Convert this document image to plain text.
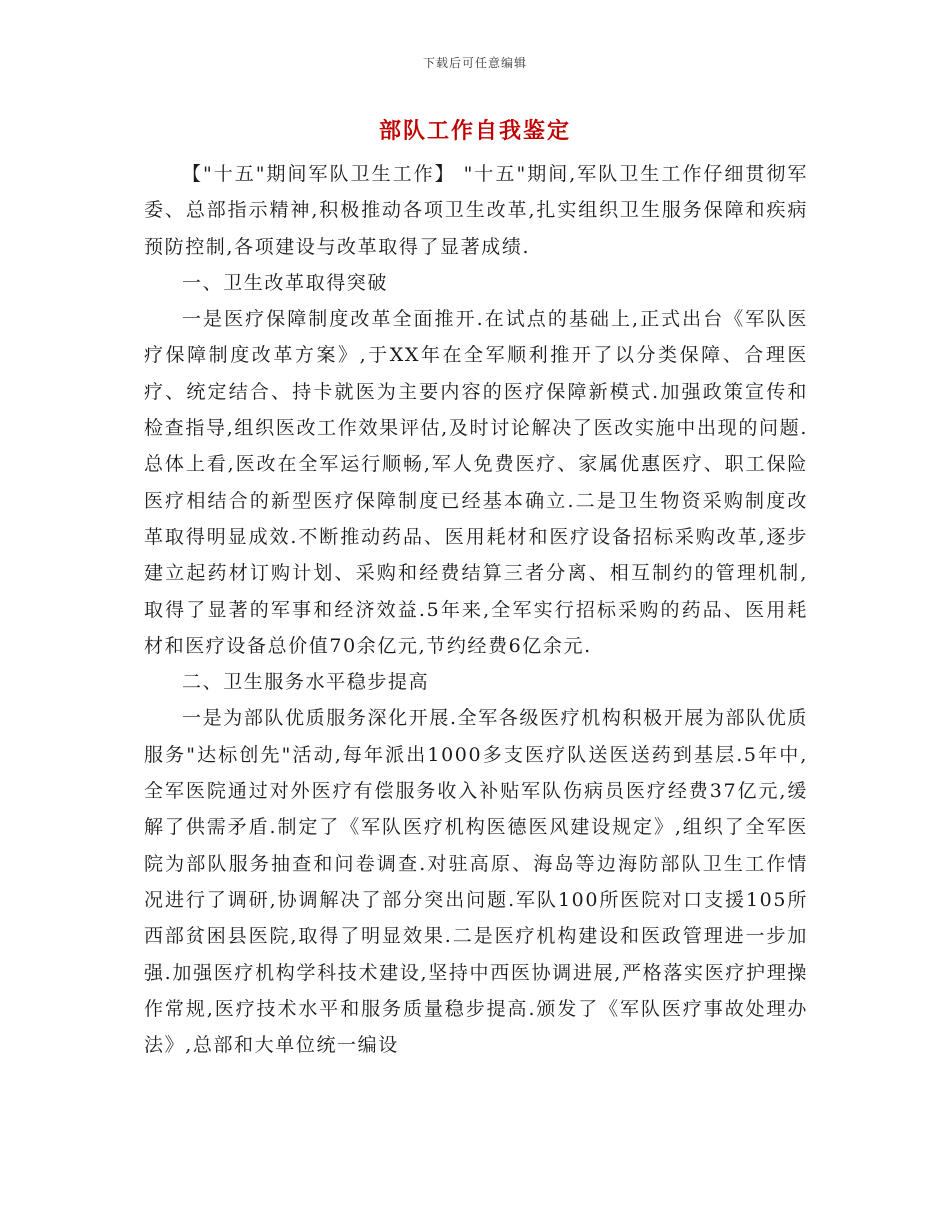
下载后可任意编辑
部队工作自我鉴定

【"十五"期间军队卫生工作】 "十五"期间,军队卫生工作仔细贯彻军委、总部指示精神,积极推动各项卫生改革,扎实组织卫生服务保障和疾病预防控制,各项建设与改革取得了显著成绩.

一、卫生改革取得突破

一是医疗保障制度改革全面推开.在试点的基础上,正式出台《军队医疗保障制度改革方案》,于XX年在全军顺利推开了以分类保障、合理医疗、统定结合、持卡就医为主要内容的医疗保障新模式.加强政策宣传和检查指导,组织医改工作效果评估,及时讨论解决了医改实施中出现的问题.总体上看,医改在全军运行顺畅,军人免费医疗、家属优惠医疗、职工保险医疗相结合的新型医疗保障制度已经基本确立.二是卫生物资采购制度改革取得明显成效.不断推动药品、医用耗材和医疗设备招标采购改革,逐步建立起药材订购计划、采购和经费结算三者分离、相互制约的管理机制,取得了显著的军事和经济效益.5年来,全军实行招标采购的药品、医用耗材和医疗设备总价值70余亿元,节约经费6亿余元.

二、卫生服务水平稳步提高

一是为部队优质服务深化开展.全军各级医疗机构积极开展为部队优质服务"达标创先"活动,每年派出1000多支医疗队送医送药到基层.5年中,全军医院通过对外医疗有偿服务收入补贴军队伤病员医疗经费37亿元,缓解了供需矛盾.制定了《军队医疗机构医德医风建设规定》,组织了全军医院为部队服务抽查和问卷调查.对驻高原、海岛等边海防部队卫生工作情况进行了调研,协调解决了部分突出问题.军队100所医院对口支援105所西部贫困县医院,取得了明显效果.二是医疗机构建设和医政管理进一步加强.加强医疗机构学科技术建设,坚持中西医协调进展,严格落实医疗护理操作常规,医疗技术水平和服务质量稳步提高.颁发了《军队医疗事故处理办法》,总部和大单位统一编设
